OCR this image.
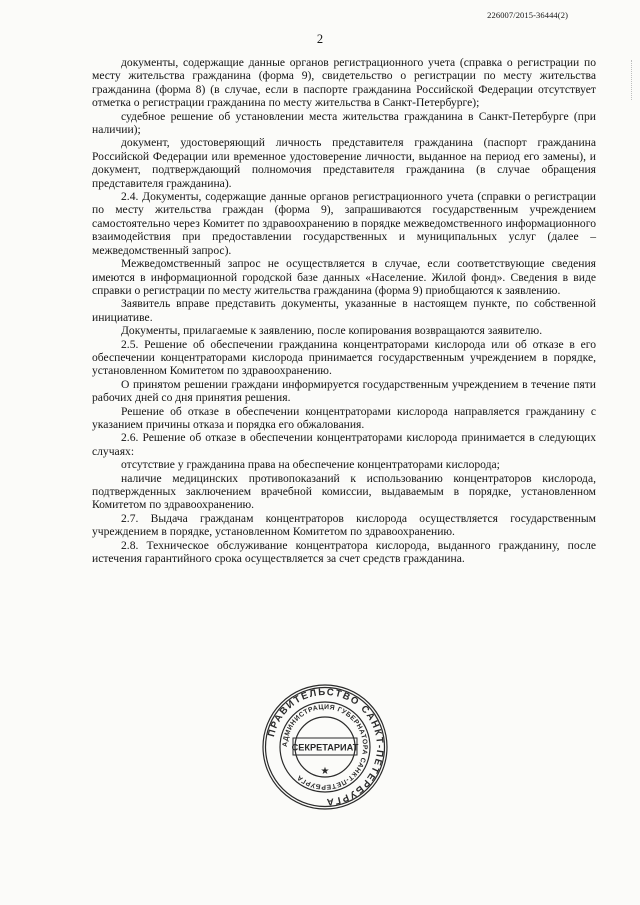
226007/2015-36444(2)
2

документы, содержащие данные органов регистрационного учета (справка о регистрации по месту жительства гражданина (форма 9), свидетельство о регистрации по месту жительства гражданина (форма 8) (в случае, если в паспорте гражданина Российской Федерации отсутствует отметка о регистрации гражданина по месту жительства в Санкт-Петербурге);

судебное решение об установлении места жительства гражданина в Санкт-Петербурге (при наличии);

документ, удостоверяющий личность представителя гражданина (паспорт гражданина Российской Федерации или временное удостоверение личности, выданное на период его замены), и документ, подтверждающий полномочия представителя гражданина (в случае обращения представителя гражданина).

2.4. Документы, содержащие данные органов регистрационного учета (справки о регистрации по месту жительства граждан (форма 9), запрашиваются государственным учреждением самостоятельно через Комитет по здравоохранению в порядке межведомственного информационного взаимодействия при предоставлении государственных и муниципальных услуг (далее – межведомственный запрос).

Межведомственный запрос не осуществляется в случае, если соответствующие сведения имеются в информационной городской базе данных «Население. Жилой фонд». Сведения в виде справки о регистрации по месту жительства гражданина (форма 9) приобщаются к заявлению.

Заявитель вправе представить документы, указанные в настоящем пункте, по собственной инициативе.

Документы, прилагаемые к заявлению, после копирования возвращаются заявителю.

2.5. Решение об обеспечении гражданина концентраторами кислорода или об отказе в его обеспечении концентраторами кислорода принимается государственным учреждением в порядке, установленном Комитетом по здравоохранению.

О принятом решении граждани информируется государственным учреждением в течение пяти рабочих дней со дня принятия решения.

Решение об отказе в обеспечении концентраторами кислорода направляется гражданину с указанием причины отказа и порядка его обжалования.

2.6. Решение об отказе в обеспечении концентраторами кислорода принимается в следующих случаях:

отсутствие у гражданина права на обеспечение концентраторами кислорода;

наличие медицинских противопоказаний к использованию концентраторов кислорода, подтвержденных заключением врачебной комиссии, выдаваемым в порядке, установленном Комитетом по здравоохранению.

2.7. Выдача гражданам концентраторов кислорода осуществляется государственным учреждением в порядке, установленном Комитетом по здравоохранению.

2.8. Техническое обслуживание концентратора кислорода, выданного гражданину, после истечения гарантийного срока осуществляется за счет средств гражданина.

ПРАВИТЕЛЬСТВО САНКТ-ПЕТЕРБУРГА
АДМИНИСТРАЦИЯ ГУБЕРНАТОРА САНКТ-ПЕТЕРБУРГА
СЕКРЕТАРИАТ
★
